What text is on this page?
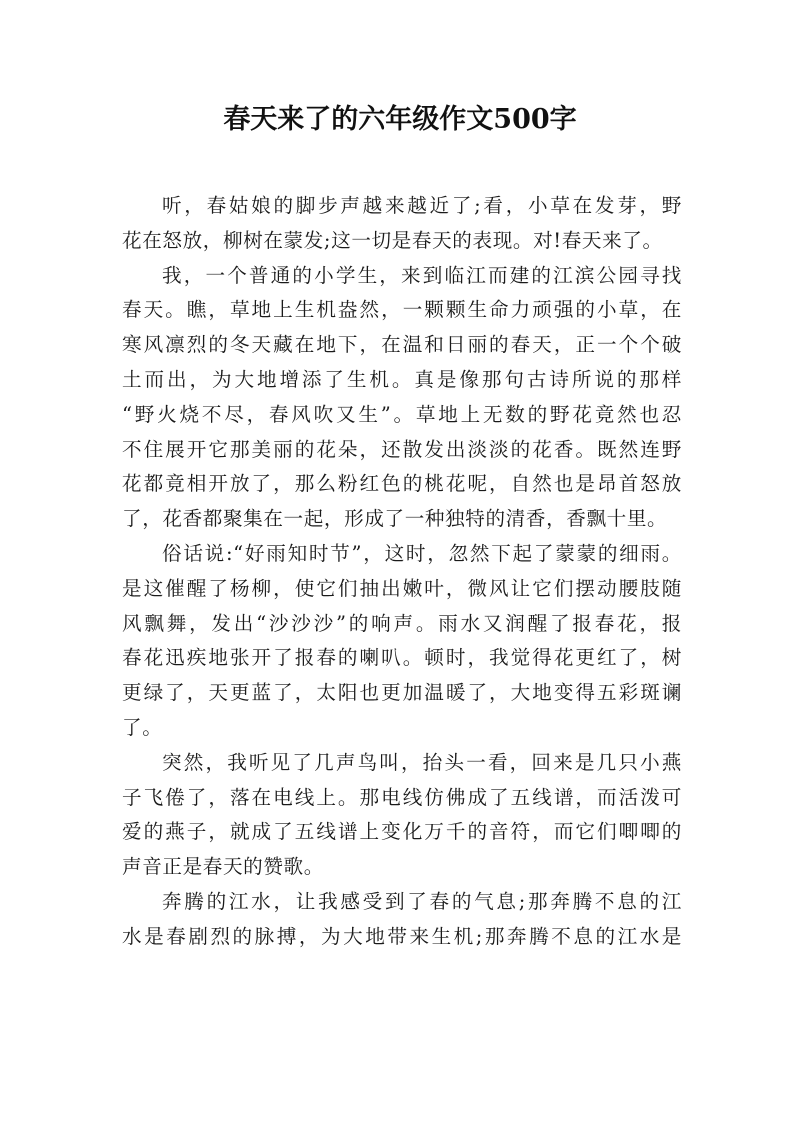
春天来了的六年级作文500字
听，春姑娘的脚步声越来越近了;看，小草在发芽，野
花在怒放，柳树在蒙发;这一切是春天的表现。对!春天来了。
我，一个普通的小学生，来到临江而建的江滨公园寻找
春天。瞧，草地上生机盎然，一颗颗生命力顽强的小草，在
寒风凛烈的冬天藏在地下，在温和日丽的春天，正一个个破
土而出，为大地增添了生机。真是像那句古诗所说的那样
“野火烧不尽，春风吹又生”。草地上无数的野花竟然也忍
不住展开它那美丽的花朵，还散发出淡淡的花香。既然连野
花都竟相开放了，那么粉红色的桃花呢，自然也是昂首怒放
了，花香都聚集在一起，形成了一种独特的清香，香飘十里。
俗话说:“好雨知时节”，这时，忽然下起了蒙蒙的细雨。
是这催醒了杨柳，使它们抽出嫩叶，微风让它们摆动腰肢随
风飘舞，发出“沙沙沙”的响声。雨水又润醒了报春花，报
春花迅疾地张开了报春的喇叭。顿时，我觉得花更红了，树
更绿了，天更蓝了，太阳也更加温暖了，大地变得五彩斑谰
了。
突然，我听见了几声鸟叫，抬头一看，回来是几只小燕
子飞倦了，落在电线上。那电线仿佛成了五线谱，而活泼可
爱的燕子，就成了五线谱上变化万千的音符，而它们唧唧的
声音正是春天的赞歌。
奔腾的江水，让我感受到了春的气息;那奔腾不息的江
水是春剧烈的脉搏，为大地带来生机;那奔腾不息的江水是
